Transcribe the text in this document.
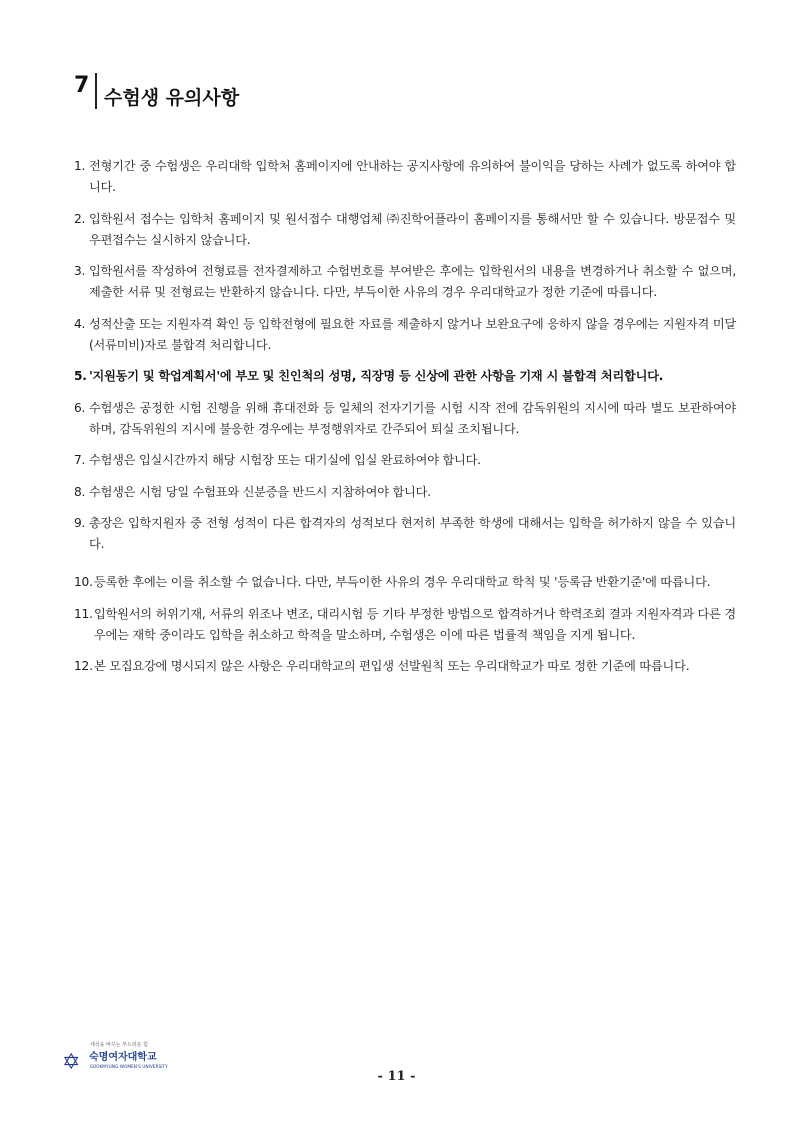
7 수험생 유의사항
1. 전형기간 중 수험생은 우리대학 입학처 홈페이지에 안내하는 공지사항에 유의하여 불이익을 당하는 사례가 없도록 하여야 합니다.
2. 입학원서 접수는 입학처 홈페이지 및 원서접수 대행업체 ㈜진학어플라이 홈페이지를 통해서만 할 수 있습니다. 방문접수 및 우편접수는 실시하지 않습니다.
3. 입학원서를 작성하여 전형료를 전자결제하고 수험번호를 부여받은 후에는 입학원서의 내용을 변경하거나 취소할 수 없으며, 제출한 서류 및 전형료는 반환하지 않습니다. 다만, 부득이한 사유의 경우 우리대학교가 정한 기준에 따릅니다.
4. 성적산출 또는 지원자격 확인 등 입학전형에 필요한 자료를 제출하지 않거나 보완요구에 응하지 않을 경우에는 지원자격 미달(서류미비)자로 불합격 처리합니다.
5. '지원동기 및 학업계획서'에 부모 및 친인척의 성명, 직장명 등 신상에 관한 사항을 기재 시 불합격 처리합니다.
6. 수험생은 공정한 시험 진행을 위해 휴대전화 등 일체의 전자기기를 시험 시작 전에 감독위원의 지시에 따라 별도 보관하여야 하며, 감독위원의 지시에 불응한 경우에는 부정행위자로 간주되어 퇴실 조치됩니다.
7. 수험생은 입실시간까지 해당 시험장 또는 대기실에 입실 완료하여야 합니다.
8. 수험생은 시험 당일 수험표와 신분증을 반드시 지참하여야 합니다.
9. 총장은 입학지원자 중 전형 성적이 다른 합격자의 성적보다 현저히 부족한 학생에 대해서는 입학을 허가하지 않을 수 있습니다.
10. 등록한 후에는 이를 취소할 수 없습니다. 다만, 부득이한 사유의 경우 우리대학교 학칙 및 '등록금 반환기준'에 따릅니다.
11. 입학원서의 허위기재, 서류의 위조나 변조, 대리시험 등 기타 부정한 방법으로 합격하거나 학력조회 결과 지원자격과 다른 경우에는 재학 중이라도 입학을 취소하고 학적을 말소하며, 수험생은 이에 따른 법률적 책임을 지게 됩니다.
12. 본 모집요강에 명시되지 않은 사항은 우리대학교의 편입생 선발원칙 또는 우리대학교가 따로 정한 기준에 따릅니다.
✡
세상을 바꾸는 부드러운 힘
숙명여자대학교
SOOKMYUNG WOMEN'S UNIVERSITY
- 11 -
